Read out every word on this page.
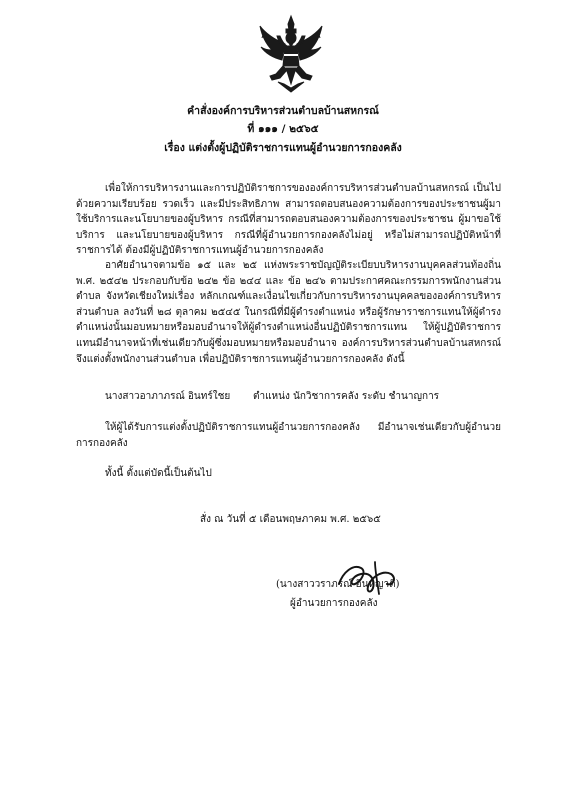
คำสั่งองค์การบริหารส่วนตำบลบ้านสหกรณ์
ที่ ๑๑๑ / ๒๕๖๕
เรื่อง แต่งตั้งผู้ปฏิบัติราชการแทนผู้อำนวยการกองคลัง
เพื่อให้การบริหารงานและการปฏิบัติราชการขององค์การบริหารส่วนตำบลบ้านสหกรณ์ เป็นไปด้วยความเรียบร้อย รวดเร็ว และมีประสิทธิภาพ สามารถตอบสนองความต้องการของประชาชนผู้มาใช้บริการและนโยบายของผู้บริหาร กรณีที่สามารถตอบสนองความต้องการของประชาชน ผู้มาขอใช้บริการ และนโยบายของผู้บริหาร กรณีที่ผู้อำนวยการกองคลังไม่อยู่ หรือไม่สามารถปฏิบัติหน้าที่ราชการได้ ต้องมีผู้ปฏิบัติราชการแทนผู้อำนวยการกองคลัง
อาศัยอำนาจตามข้อ ๑๕ และ ๒๕ แห่งพระราชบัญญัติระเบียบบริหารงานบุคคลส่วนท้องถิ่น พ.ศ. ๒๕๔๒ ประกอบกับข้อ ๒๔๒ ข้อ ๒๔๔ และ ข้อ ๒๔๖ ตามประกาศคณะกรรมการพนักงานส่วนตำบล จังหวัดเชียงใหม่เรื่อง หลักเกณฑ์และเงื่อนไขเกี่ยวกับการบริหารงานบุคคลขององค์การบริหารส่วนตำบล ลงวันที่ ๒๘ ตุลาคม ๒๕๔๕ ในกรณีที่มีผู้ดำรงตำแหน่ง หรือผู้รักษาราชการแทนให้ผู้ดำรงตำแหน่งนั้นมอบหมายหรือมอบอำนาจให้ผู้ดำรงตำแหน่งอื่นปฏิบัติราชการแทน ให้ผู้ปฏิบัติราชการแทนมีอำนาจหน้าที่เช่นเดียวกับผู้ซึ่งมอบหมายหรือมอบอำนาจ องค์การบริหารส่วนตำบลบ้านสหกรณ์ จึงแต่งตั้งพนักงานส่วนตำบล เพื่อปฏิบัติราชการแทนผู้อำนวยการกองคลัง ดังนี้
นางสาวอาภาภรณ์ อินทร์ใชย ตำแหน่ง นักวิชาการคลัง ระดับ ชำนาญการ
ให้ผู้ได้รับการแต่งตั้งปฏิบัติราชการแทนผู้อำนวยการกองคลัง มีอำนาจเช่นเดียวกับผู้อำนวยการกองคลัง
ทั้งนี้ ตั้งแต่บัดนี้เป็นต้นไป
สั่ง ณ วันที่ ๕ เดือนพฤษภาคม พ.ศ. ๒๕๖๕
(นางสาววราภรณ์ อินหญาติ)
ผู้อำนวยการกองคลัง
